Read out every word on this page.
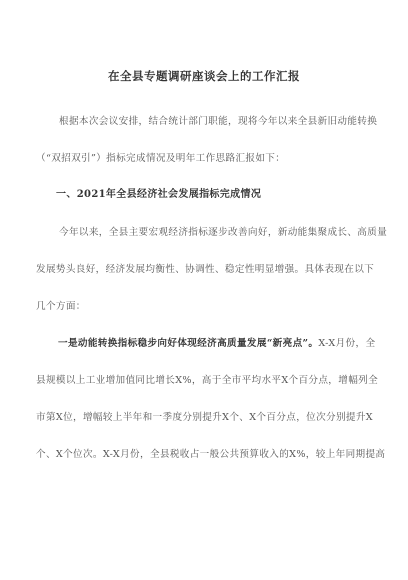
在全县专题调研座谈会上的工作汇报
根据本次会议安排，结合统计部门职能，现将今年以来全县新旧动能转换
（“双招双引”）指标完成情况及明年工作思路汇报如下：
一、2021年全县经济社会发展指标完成情况
今年以来，全县主要宏观经济指标逐步改善向好，新动能集聚成长、高质量
发展势头良好，经济发展均衡性、协调性、稳定性明显增强。具体表现在以下
几个方面：
一是动能转换指标稳步向好体现经济高质量发展“新亮点”。X-X月份，全
县规模以上工业增加值同比增长X%，高于全市平均水平X个百分点，增幅列全
市第X位，增幅较上半年和一季度分别提升X个、X个百分点，位次分别提升X
个、X个位次。X-X月份，全县税收占一般公共预算收入的X%，较上年同期提高
